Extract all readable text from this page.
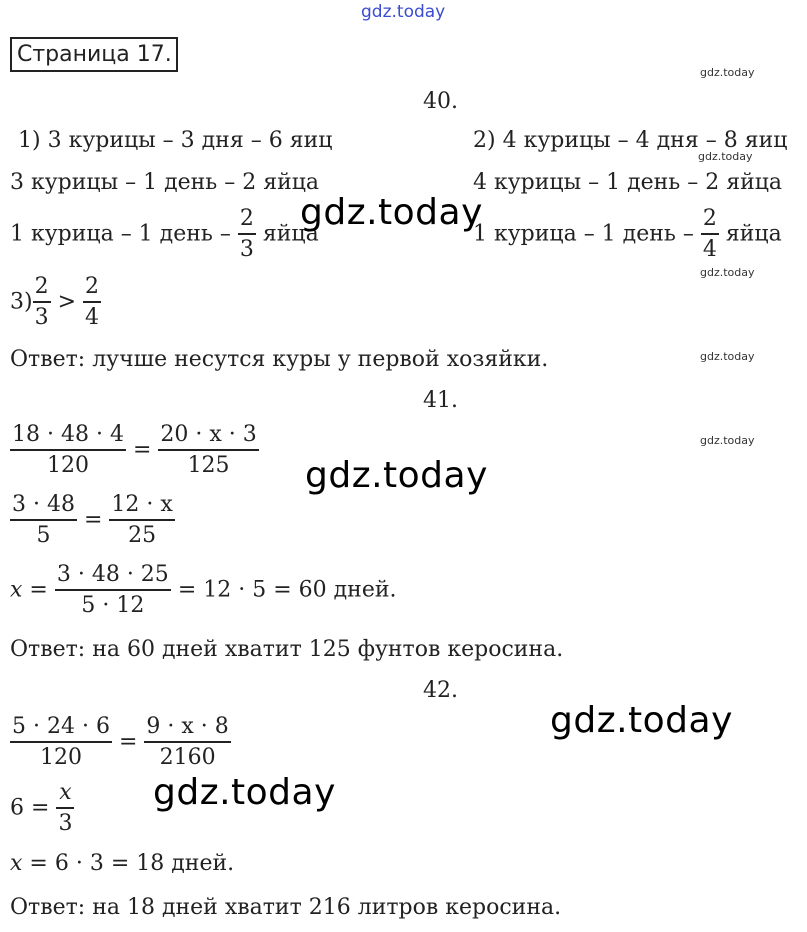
gdz.today
Страница 17.
gdz.today
gdz.today
gdz.today
gdz.today
gdz.today
40.
1) 3 курицы – 3 дня – 6 яиц	2) 4 курицы – 4 дня – 8 яиц
3 курицы – 1 день – 2 яйца	4 курицы – 1 день – 2 яйца
1 курица – 1 день – $\frac{2}{3}$ яйца	1 курица – 1 день – $\frac{2}{4}$ яйца
$3) \frac{2}{3} > \frac{2}{4}$
Ответ: лучше несутся куры у первой хозяйки.
41.
$\frac{18 \cdot 48 \cdot 4}{120} = \frac{20 \cdot x \cdot 3}{125}$
$\frac{3 \cdot 48}{5} = \frac{12 \cdot x}{25}$
$x = \frac{3 \cdot 48 \cdot 25}{5 \cdot 12} = 12 \cdot 5 = 60$ дней.
Ответ: на 60 дней хватит 125 фунтов керосина.
42.
$\frac{5 \cdot 24 \cdot 6}{120} = \frac{9 \cdot x \cdot 8}{2160}$
$6 = \frac{x}{3}$
x = 6 · 3 = 18 дней.
Ответ: на 18 дней хватит 216 литров керосина.
gdz.today
gdz.today
gdz.today
gdz.today
